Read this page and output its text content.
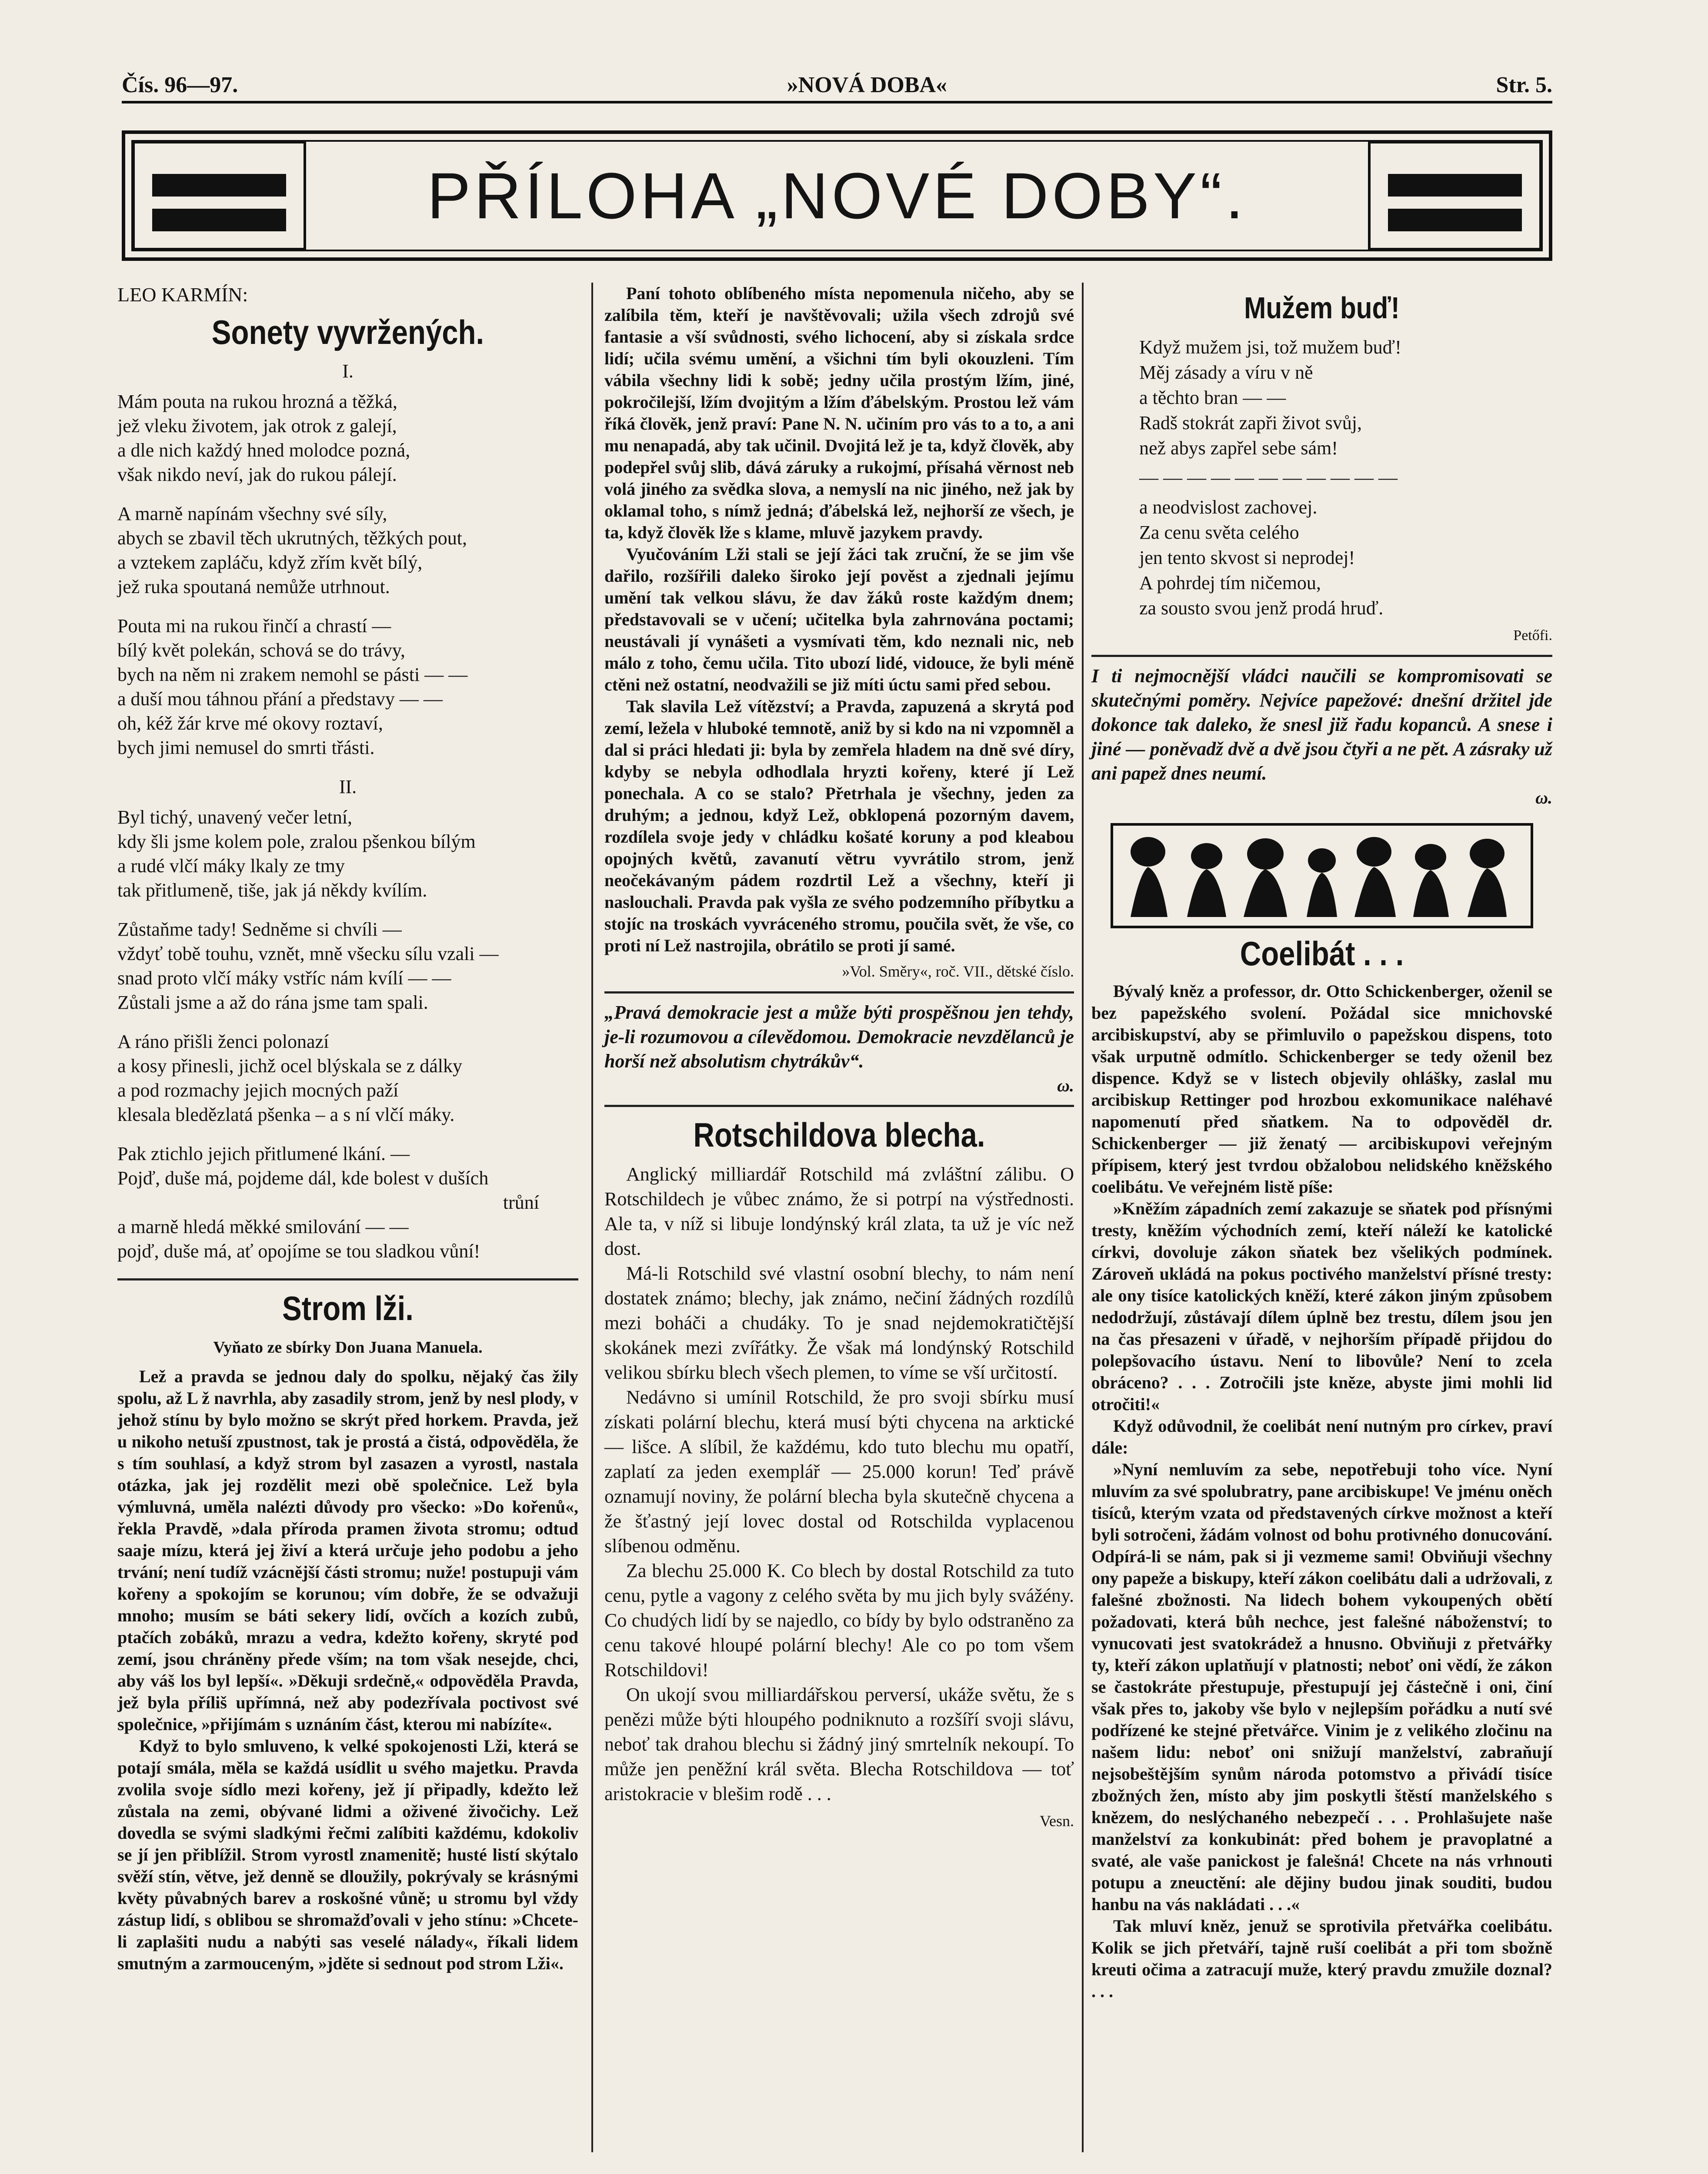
Čís. 96—97.	»NOVÁ DOBA«	Str. 5.
PŘÍLOHA „NOVÉ DOBY“.
LEO KARMÍN:
Sonety vyvržených.
I.

Mám pouta na rukou hrozná a těžká,

jež vleku životem, jak otrok z galejí,

a dle nich každý hned molodce pozná,

však nikdo neví, jak do rukou pálejí.

A marně napínám všechny své síly,

abych se zbavil těch ukrutných, těžkých pout,

a vztekem zapláču, když zřím květ bílý,

jež ruka spoutaná nemůže utrhnout.

Pouta mi na rukou řinčí a chrastí —

bílý květ polekán, schová se do trávy,

bych na něm ni zrakem nemohl se pásti — —

a duší mou táhnou přání a představy — —

oh, kéž žár krve mé okovy roztaví,

bych jimi nemusel do smrti třásti.

II.

Byl tichý, unavený večer letní,

kdy šli jsme kolem pole, zralou pšenkou bílým

a rudé vlčí máky lkaly ze tmy

tak přitlumeně, tiše, jak já někdy kvílím.

Zůstaňme tady! Sedněme si chvíli —

vždyť tobě touhu, vznět, mně všecku sílu vzali —

snad proto vlčí máky vstříc nám kvílí — —

Zůstali jsme a až do rána jsme tam spali.

A ráno přišli ženci polonazí

a kosy přinesli, jichž ocel blýskala se z dálky

a pod rozmachy jejich mocných paží

klesala bledězlatá pšenka – a s ní vlčí máky.

Pak ztichlo jejich přitlumené lkání. —

Pojď, duše má, pojdeme dál, kde bolest v duších

trůní

a marně hledá měkké smilování — —

pojď, duše má, ať opojíme se tou sladkou vůní!

Strom lži.
Vyňato ze sbírky Don Juana Manuela.

Lež a pravda se jednou daly do spolku, nějaký čas žily spolu, až L ž navrhla, aby zasadily strom, jenž by nesl plody, v jehož stínu by bylo možno se skrýt před horkem. Pravda, jež u nikoho netuší zpustnost, tak je prostá a čistá, odpověděla, že s tím souhlasí, a když strom byl zasazen a vyrostl, nastala otázka, jak jej rozdělit mezi obě společnice. Lež byla výmluvná, uměla nalézti důvody pro všecko: »Do kořenů«, řekla Pravdě, »dala příroda pramen života stromu; odtud saaje mízu, která jej živí a která určuje jeho podobu a jeho trvání; není tudíž vzácnější části stromu; nuže! postupuji vám kořeny a spokojím se korunou; vím dobře, že se odvažuji mnoho; musím se báti sekery lidí, ovčích a kozích zubů, ptačích zobáků, mrazu a vedra, kdežto kořeny, skryté pod zemí, jsou chráněny přede vším; na tom však nesejde, chci, aby váš los byl lepší«. »Děkuji srdečně,« odpověděla Pravda, jež byla příliš upřímná, než aby podezřívala poctivost své společnice, »přijímám s uznáním část, kterou mi nabízíte«.

Když to bylo smluveno, k velké spokojenosti Lži, která se potají smála, měla se každá usídlit u svého majetku. Pravda zvolila svoje sídlo mezi kořeny, jež jí připadly, kdežto lež zůstala na zemi, obývané lidmi a oživené živočichy. Lež dovedla se svými sladkými řečmi zalíbiti každému, kdokoliv se jí jen přiblížil. Strom vyrostl znamenitě; husté listí skýtalo svěží stín, větve, jež denně se dloužily, pokrývaly se krásnými květy půvabných barev a roskošné vůně; u stromu byl vždy zástup lidí, s oblibou se shromažďovali v jeho stínu: »Chcete-li zaplašiti nudu a nabýti sas veselé nálady«, říkali lidem smutným a zarmouceným, »jděte si sednout pod strom Lži«.

Paní tohoto oblíbeného místa nepomenula ničeho, aby se zalíbila těm, kteří je navštěvovali; užila všech zdrojů své fantasie a vší svůdnosti, svého lichocení, aby si získala srdce lidí; učila svému umění, a všichni tím byli okouzleni. Tím vábila všechny lidi k sobě; jedny učila prostým lžím, jiné, pokročilejší, lžím dvojitým a lžím ďábelským. Prostou lež vám říká člověk, jenž praví: Pane N. N. učiním pro vás to a to, a ani mu nenapadá, aby tak učinil. Dvojitá lež je ta, když člověk, aby podepřel svůj slib, dává záruky a rukojmí, přísahá věrnost neb volá jiného za svědka slova, a nemyslí na nic jiného, než jak by oklamal toho, s nímž jedná; ďábelská lež, nejhorší ze všech, je ta, když člověk lže s klame, mluvě jazykem pravdy.

Vyučováním Lži stali se její žáci tak zruční, že se jim vše dařilo, rozšířili daleko široko její pověst a zjednali jejímu umění tak velkou slávu, že dav žáků roste každým dnem; představovali se v učení; učitelka byla zahrnována poctami; neustávali jí vynášeti a vysmívati těm, kdo neznali nic, neb málo z toho, čemu učila. Tito ubozí lidé, vidouce, že byli méně ctěni než ostatní, neodvažili se již míti úctu sami před sebou.

Tak slavila Lež vítězství; a Pravda, zapuzená a skrytá pod zemí, ležela v hluboké temnotě, aniž by si kdo na ni vzpomněl a dal si práci hledati ji: byla by zemřela hladem na dně své díry, kdyby se nebyla odhodlala hryzti kořeny, které jí Lež ponechala. A co se stalo? Přetrhala je všechny, jeden za druhým; a jednou, když Lež, obklopená pozorným davem, rozdílela svoje jedy v chládku košaté koruny a pod kleabou opojných květů, zavanutí větru vyvrátilo strom, jenž neočekávaným pádem rozdrtil Lež a všechny, kteří ji naslouchali. Pravda pak vyšla ze svého podzemního příbytku a stojíc na troskách vyvráceného stromu, poučila svět, že vše, co proti ní Lež nastrojila, obrátilo se proti jí samé.

»Vol. Směry«, roč. VII., dětské číslo.
„Pravá demokracie jest a může býti prospěšnou jen tehdy, je-li rozumovou a cílevědomou. Demokracie nevzdělanců je horší než absolutism chytrákův“.
ω.
Rotschildova blecha.

Anglický milliardář Rotschild má zvláštní zálibu. O Rotschildech je vůbec známo, že si potrpí na výstřednosti. Ale ta, v níž si libuje londýnský král zlata, ta už je víc než dost.

Má-li Rotschild své vlastní osobní blechy, to nám není dostatek známo; blechy, jak známo, nečiní žádných rozdílů mezi boháči a chudáky. To je snad nejdemokratičtější skokánek mezi zvířátky. Že však má londýnský Rotschild velikou sbírku blech všech plemen, to víme se vší určitostí.

Nedávno si umínil Rotschild, že pro svoji sbírku musí získati polární blechu, která musí býti chycena na arktické — lišce. A slíbil, že každému, kdo tuto blechu mu opatří, zaplatí za jeden exemplář — 25.000 korun! Teď právě oznamují noviny, že polární blecha byla skutečně chycena a že šťastný její lovec dostal od Rotschilda vyplacenou slíbenou odměnu.

Za blechu 25.000 K. Co blech by dostal Rotschild za tuto cenu, pytle a vagony z celého světa by mu jich byly svážény. Co chudých lidí by se najedlo, co bídy by bylo odstraněno za cenu takové hloupé polární blechy! Ale co po tom všem Rotschildovi!

On ukojí svou milliardářskou perversí, ukáže světu, že s penězi může býti hloupého podniknuto a rozšíří svoji slávu, neboť tak drahou blechu si žádný jiný smrtelník nekoupí. To může jen peněžní král světa. Blecha Rotschildova — toť aristokracie v blešim rodě . . .

Vesn.
Mužem buď!

Když mužem jsi, tož mužem buď!

Měj zásady a víru v ně

a těchto bran — —

Radš stokrát zapři život svůj,

než abys zapřel sebe sám!

— — — — — — — — — — —

a neodvislost zachovej.

Za cenu světa celého

jen tento skvost si neprodej!

A pohrdej tím ničemou,

za sousto svou jenž prodá hruď.

Petőfi.
I ti nejmocnější vládci naučili se kompromisovati se skutečnými poměry. Nejvíce papežové: dnešní držitel jde dokonce tak daleko, že snesl již řadu kopanců. A snese i jiné — poněvadž dvě a dvě jsou čtyři a ne pět. A zásraky už ani papež dnes neumí.
ω.
Coelibát . . .

Bývalý kněz a professor, dr. Otto Schickenberger, oženil se bez papežského svolení. Požádal sice mnichovské arcibiskupství, aby se přimluvilo o papežskou dispens, toto však urputně odmítlo. Schickenberger se tedy oženil bez dispence. Když se v listech objevily ohlášky, zaslal mu arcibiskup Rettinger pod hrozbou exkomunikace naléhavé napomenutí před sňatkem. Na to odpověděl dr. Schickenberger — již ženatý — arcibiskupovi veřejným přípisem, který jest tvrdou obžalobou nelidského kněžského coelibátu. Ve veřejném listě píše:

»Kněžím západních zemí zakazuje se sňatek pod přísnými tresty, kněžím východních zemí, kteří náleží ke katolické církvi, dovoluje zákon sňatek bez všelikých podmínek. Zároveň ukládá na pokus poctivého manželství přísné tresty: ale ony tisíce katolických kněží, které zákon jiným způsobem nedodržují, zůstávají dílem úplně bez trestu, dílem jsou jen na čas přesazeni v úřadě, v nejhorším případě přijdou do polepšovacího ústavu. Není to libovůle? Není to zcela obráceno? . . . Zotročili jste kněze, abyste jimi mohli lid otročiti!«

Když odůvodnil, že coelibát není nutným pro církev, praví dále:

»Nyní nemluvím za sebe, nepotřebuji toho více. Nyní mluvím za své spolubratry, pane arcibiskupe! Ve jménu oněch tisíců, kterým vzata od představených církve možnost a kteří byli sotročeni, žádám volnost od bohu protivného donucování. Odpírá-li se nám, pak si ji vezmeme sami! Obviňuji všechny ony papeže a biskupy, kteří zákon coelibátu dali a udržovali, z falešné zbožnosti. Na lidech bohem vykoupených obětí požadovati, která bůh nechce, jest falešné náboženství; to vynucovati jest svatokrádež a hnusno. Obviňuji z přetvářky ty, kteří zákon uplatňují v platnosti; neboť oni vědí, že zákon se častokráte přestupuje, přestupují jej částečně i oni, činí však přes to, jakoby vše bylo v nejlepším pořádku a nutí své podřízené ke stejné přetvářce. Vinim je z velikého zločinu na našem lidu: neboť oni snižují manželství, zabraňují nejsobeštějším synům národa potomstvo a přivádí tisíce zbožných žen, místo aby jim poskytli štěstí manželského s knězem, do neslýchaného nebezpečí . . . Prohlašujete naše manželství za konkubinát: před bohem je pravoplatné a svaté, ale vaše panickost je falešná! Chcete na nás vrhnouti potupu a zneuctění: ale dějiny budou jinak souditi, budou hanbu na vás nakládati . . .«

Tak mluví kněz, jenuž se sprotivila přetvářka coelibátu. Kolik se jich přetváří, tajně ruší coelibát a při tom sbožně kreuti očima a zatracují muže, který pravdu zmužile doznal? . . .
